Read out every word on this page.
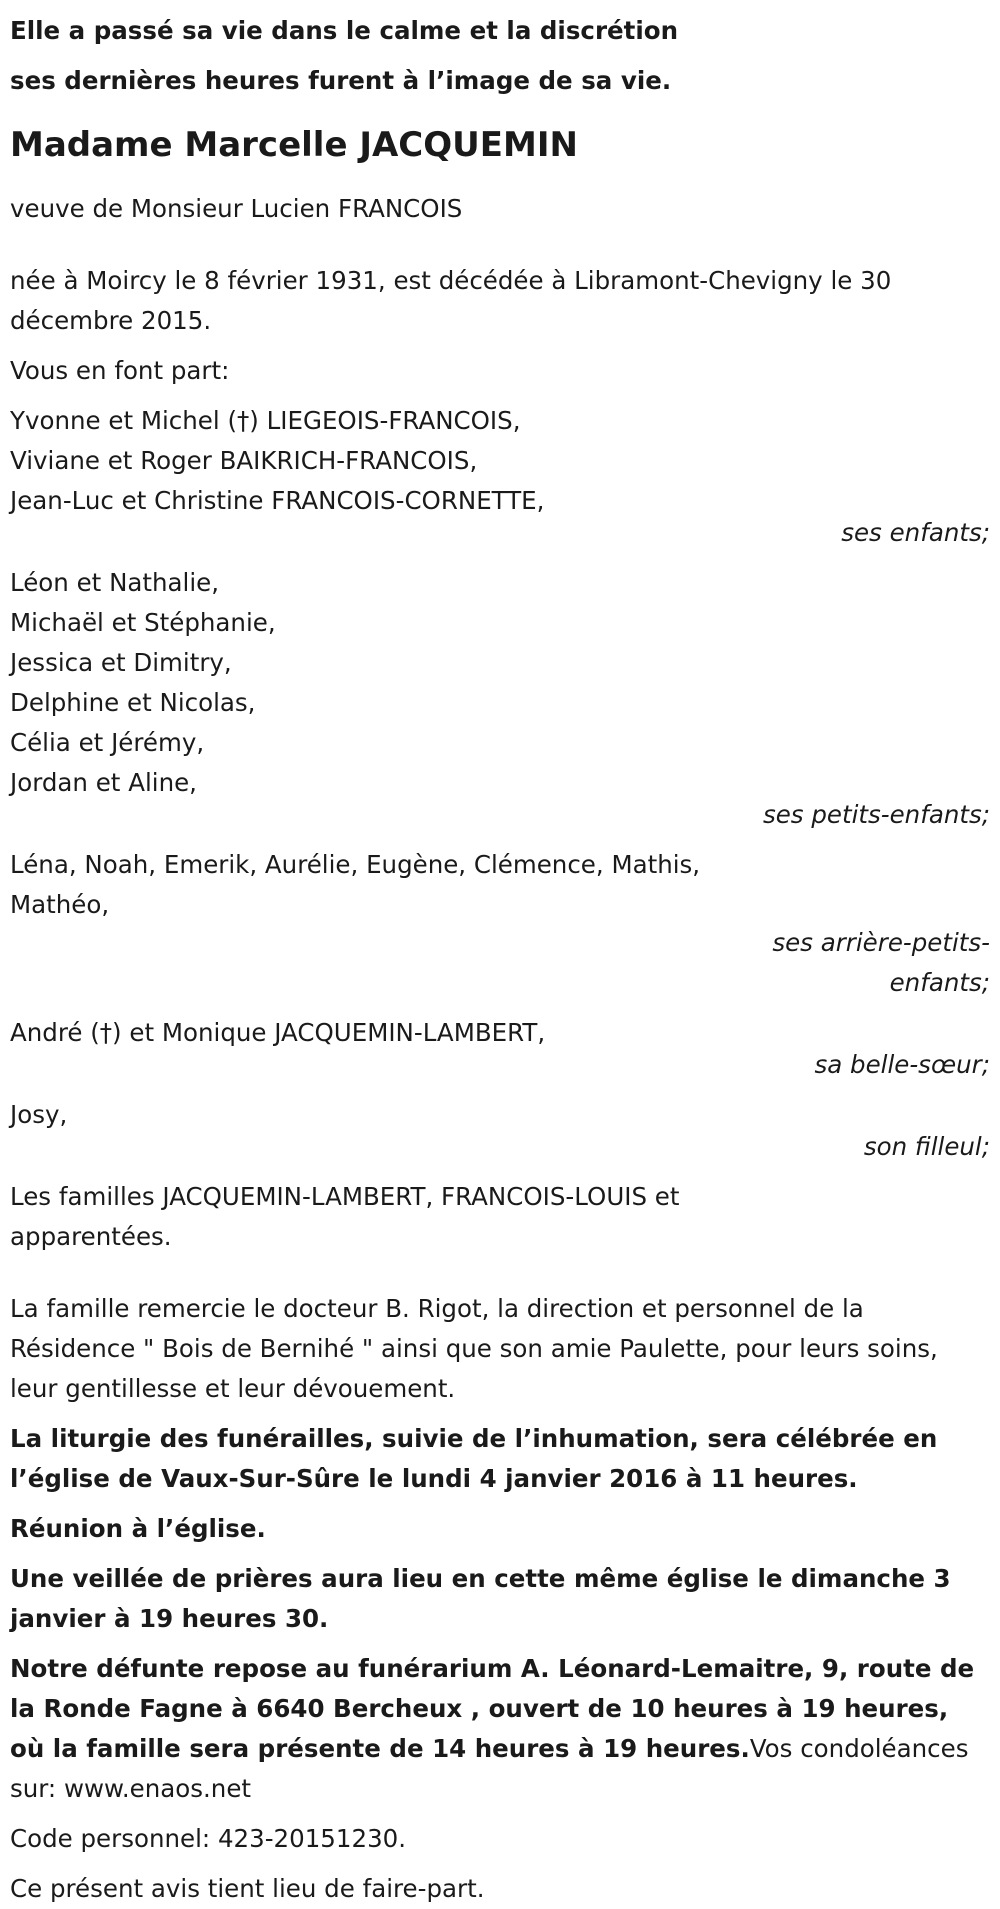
Elle a passé sa vie dans le calme et la discrétion

ses dernières heures furent à l’image de sa vie.

Madame Marcelle JACQUEMIN

veuve de Monsieur Lucien FRANCOIS

née à Moircy le 8 février 1931, est décédée à Libramont-Chevigny le 30 décembre 2015.

Vous en font part:

Yvonne et Michel (†) LIEGEOIS-FRANCOIS,

Viviane et Roger BAIKRICH-FRANCOIS,

Jean-Luc et Christine FRANCOIS-CORNETTE,

ses enfants;

Léon et Nathalie,

Michaël et Stéphanie,

Jessica et Dimitry,

Delphine et Nicolas,

Célia et Jérémy,

Jordan et Aline,

ses petits-enfants;

Léna, Noah, Emerik, Aurélie, Eugène, Clémence, Mathis, Mathéo,

ses arrière-petits-enfants;

André (†) et Monique JACQUEMIN-LAMBERT,

sa belle-sœur;

Josy,

son filleul;

Les familles JACQUEMIN-LAMBERT, FRANCOIS-LOUIS et apparentées.

La famille remercie le docteur B. Rigot, la direction et personnel de la Résidence " Bois de Bernihé " ainsi que son amie Paulette, pour leurs soins, leur gentillesse et leur dévouement.

La liturgie des funérailles, suivie de l’inhumation, sera célébrée en l’église de Vaux-Sur-Sûre le lundi 4 janvier 2016 à 11 heures.

Réunion à l’église.

Une veillée de prières aura lieu en cette même église le dimanche 3 janvier à 19 heures 30.

Notre défunte repose au funérarium A. Léonard-Lemaitre, 9, route de la Ronde Fagne à 6640 Bercheux , ouvert de 10 heures à 19 heures, où la famille sera présente de 14 heures à 19 heures.Vos condoléances sur: www.enaos.net

Code personnel: 423-20151230.

Ce présent avis tient lieu de faire-part.
